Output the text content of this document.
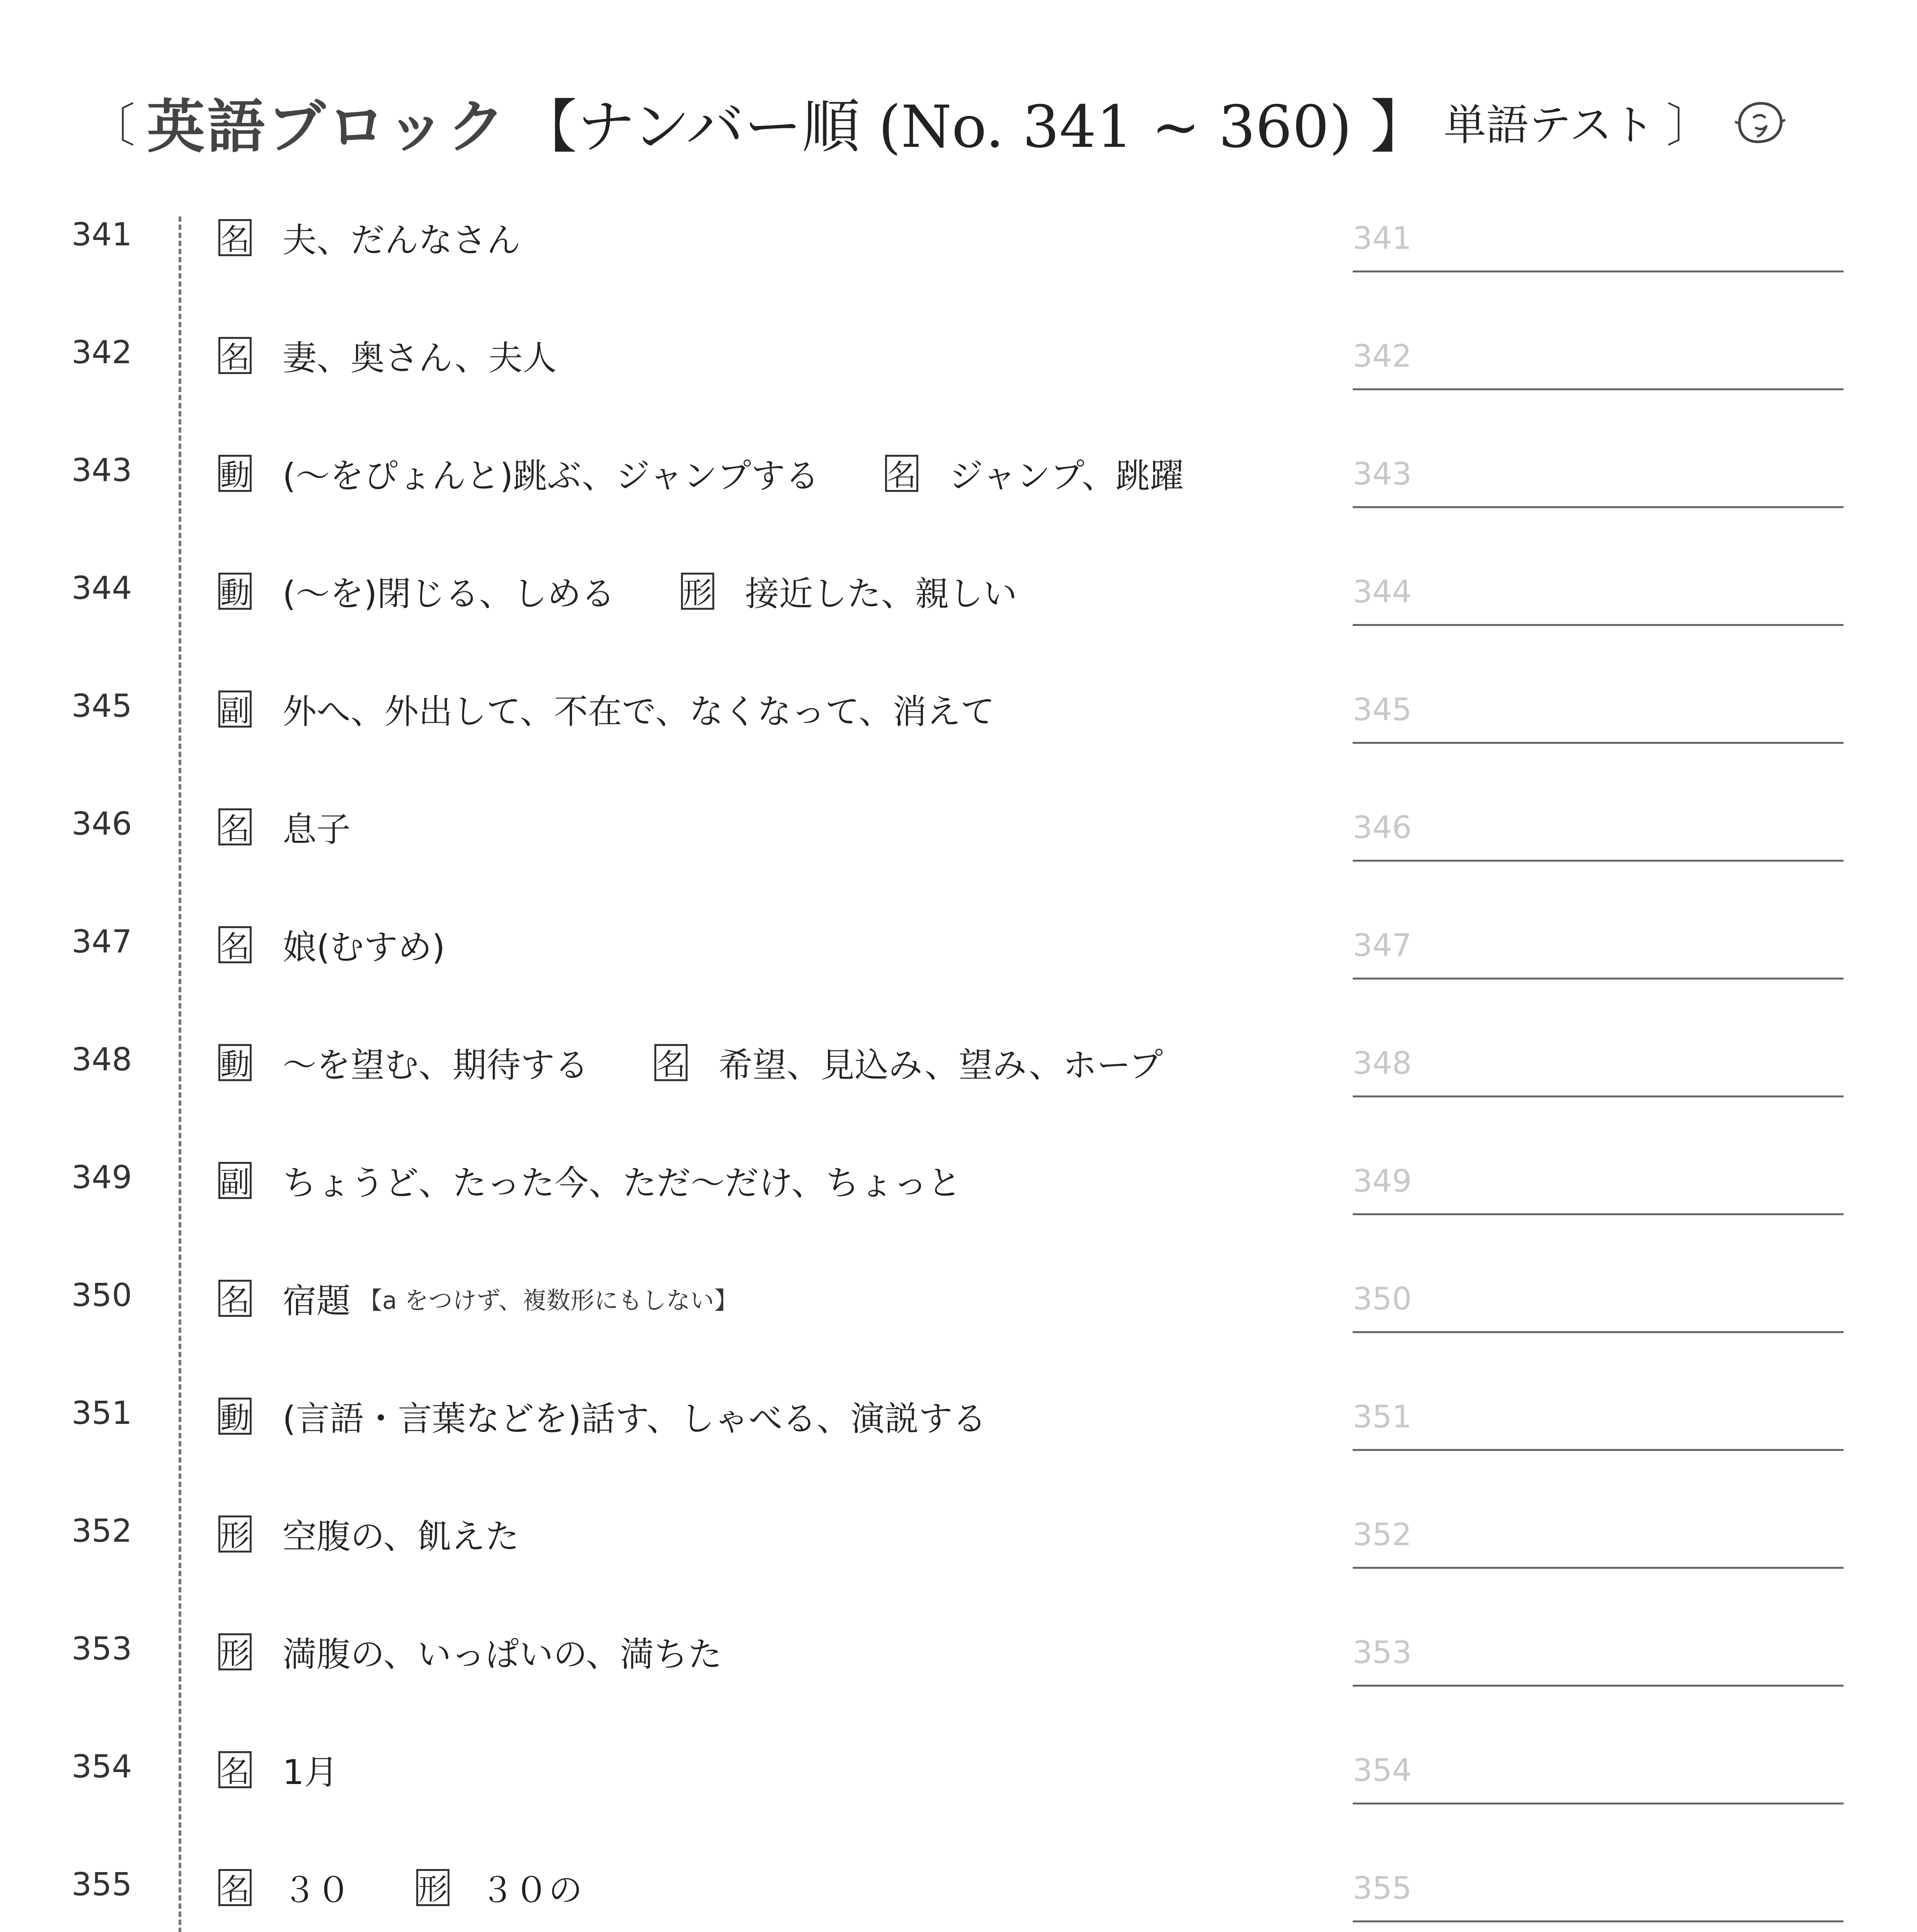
〔 英語ブロック 【ナンバー順 (No. 341 ~ 360) 】 単語テスト 〕
341	名 夫、だんなさん	341
342	名 妻、奥さん、夫人	342
343	動 (～をぴょんと)跳ぶ、ジャンプする 名 ジャンプ、跳躍	343
344	動 (～を)閉じる、しめる 形 接近した、親しい	344
345	副 外へ、外出して、不在で、なくなって、消えて	345
346	名 息子	346
347	名 娘(むすめ)	347
348	動 ～を望む、期待する 名 希望、見込み、望み、ホープ	348
349	副 ちょうど、たった今、ただ～だけ、ちょっと	349
350	名 宿題 【a をつけず、複数形にもしない】	350
351	動 (言語・言葉などを)話す、しゃべる、演説する	351
352	形 空腹の、飢えた	352
353	形 満腹の、いっぱいの、満ちた	353
354	名 1月	354
355	名 ３０ 形 ３０の	355
